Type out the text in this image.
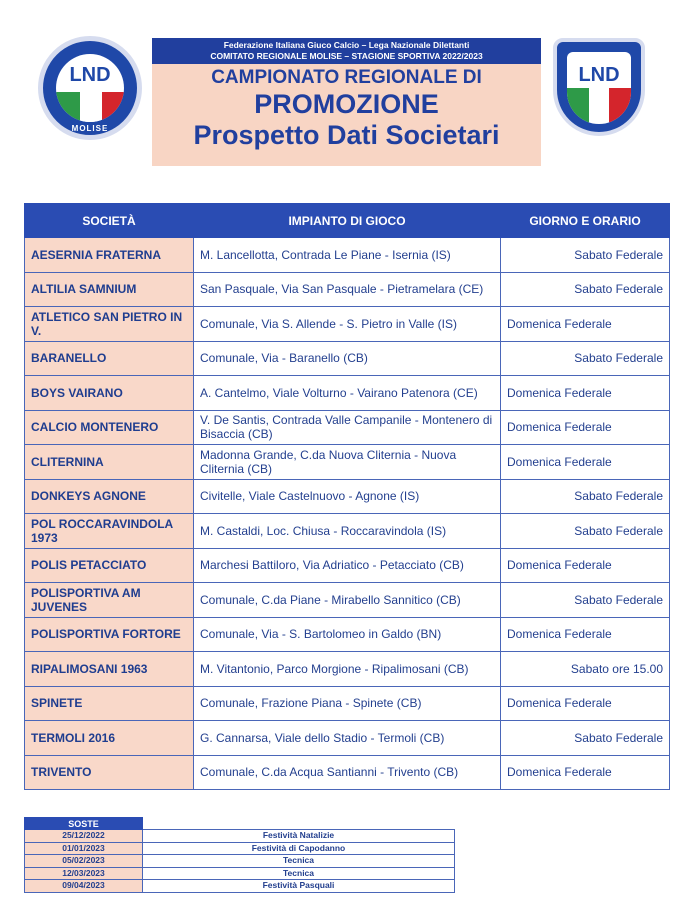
LND
MOLISE
Federazione Italiana Giuco Calcio – Lega Nazionale Dilettanti
COMITATO REGIONALE MOLISE – STAGIONE SPORTIVA 2022/2023
CAMPIONATO REGIONALE DI
PROMOZIONE
Prospetto Dati Societari
LND
SOCIETÀ	IMPIANTO DI GIOCO	GIORNO E ORARIO
AESERNIA FRATERNA	M. Lancellotta, Contrada Le Piane - Isernia (IS)	Sabato Federale
ALTILIA SAMNIUM	San Pasquale, Via San Pasquale - Pietramelara (CE)	Sabato Federale
ATLETICO SAN PIETRO IN V.	Comunale, Via S. Allende - S. Pietro in Valle (IS)	Domenica Federale
BARANELLO	Comunale, Via - Baranello (CB)	Sabato Federale
BOYS VAIRANO	A. Cantelmo, Viale Volturno - Vairano Patenora (CE)	Domenica Federale
CALCIO MONTENERO	V. De Santis, Contrada Valle Campanile - Montenero di Bisaccia (CB)	Domenica Federale
CLITERNINA	Madonna Grande, C.da Nuova Cliternia - Nuova Cliternia (CB)	Domenica Federale
DONKEYS AGNONE	Civitelle, Viale Castelnuovo - Agnone (IS)	Sabato Federale
POL ROCCARAVINDOLA 1973	M. Castaldi, Loc. Chiusa - Roccaravindola (IS)	Sabato Federale
POLIS PETACCIATO	Marchesi Battiloro, Via Adriatico - Petacciato (CB)	Domenica Federale
POLISPORTIVA AM JUVENES	Comunale, C.da Piane - Mirabello Sannitico (CB)	Sabato Federale
POLISPORTIVA FORTORE	Comunale, Via - S. Bartolomeo in Galdo (BN)	Domenica Federale
RIPALIMOSANI 1963	M. Vitantonio, Parco Morgione - Ripalimosani (CB)	Sabato ore 15.00
SPINETE	Comunale, Frazione Piana - Spinete (CB)	Domenica Federale
TERMOLI 2016	G. Cannarsa, Viale dello Stadio - Termoli (CB)	Sabato Federale
TRIVENTO	Comunale, C.da Acqua Santianni - Trivento (CB)	Domenica Federale
SOSTE	
25/12/2022	Festività Natalizie
01/01/2023	Festività di Capodanno
05/02/2023	Tecnica
12/03/2023	Tecnica
09/04/2023	Festività Pasquali
